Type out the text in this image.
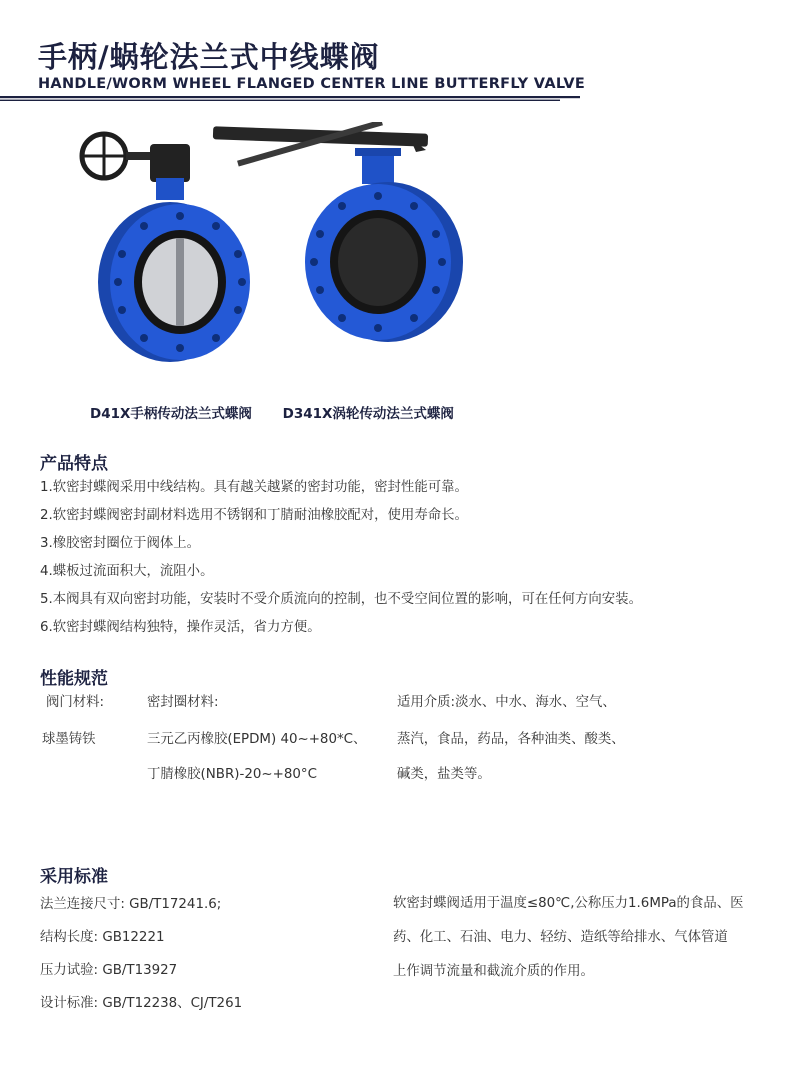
手柄/蜗轮法兰式中线蝶阀
HANDLE/WORM WHEEL FLANGED CENTER LINE BUTTERFLY VALVE
D41X手柄传动法兰式蝶阀 D341X涡轮传动法兰式蝶阀
产品特点
1.软密封蝶阀采用中线结构。具有越关越紧的密封功能，密封性能可靠。
2.软密封蝶阀密封副材料选用不锈钢和丁腈耐油橡胶配对，使用寿命长。
3.橡胶密封圈位于阀体上。
4.蝶板过流面积大，流阻小。
5.本阀具有双向密封功能，安装时不受介质流向的控制，也不受空间位置的影响，可在任何方向安装。
6.软密封蝶阀结构独特，操作灵活，省力方便。
性能规范
阀门材料:
球墨铸铁
密封圈材料:
三元乙丙橡胶(EPDM) 40~+80*C、
丁腈橡胶(NBR)-20~+80°C
适用介质:淡水、中水、海水、空气、
蒸汽，食品，药品，各种油类、酸类、
碱类，盐类等。
采用标准
法兰连接尺寸: GB/T17241.6;
结构长度: GB12221
压力试验: GB/T13927
设计标准: GB/T12238、CJ/T261
软密封蝶阀适用于温度≤80℃,公称压力1.6MPa的食品、医
药、化工、石油、电力、轻纺、造纸等给排水、气体管道
上作调节流量和截流介质的作用。
